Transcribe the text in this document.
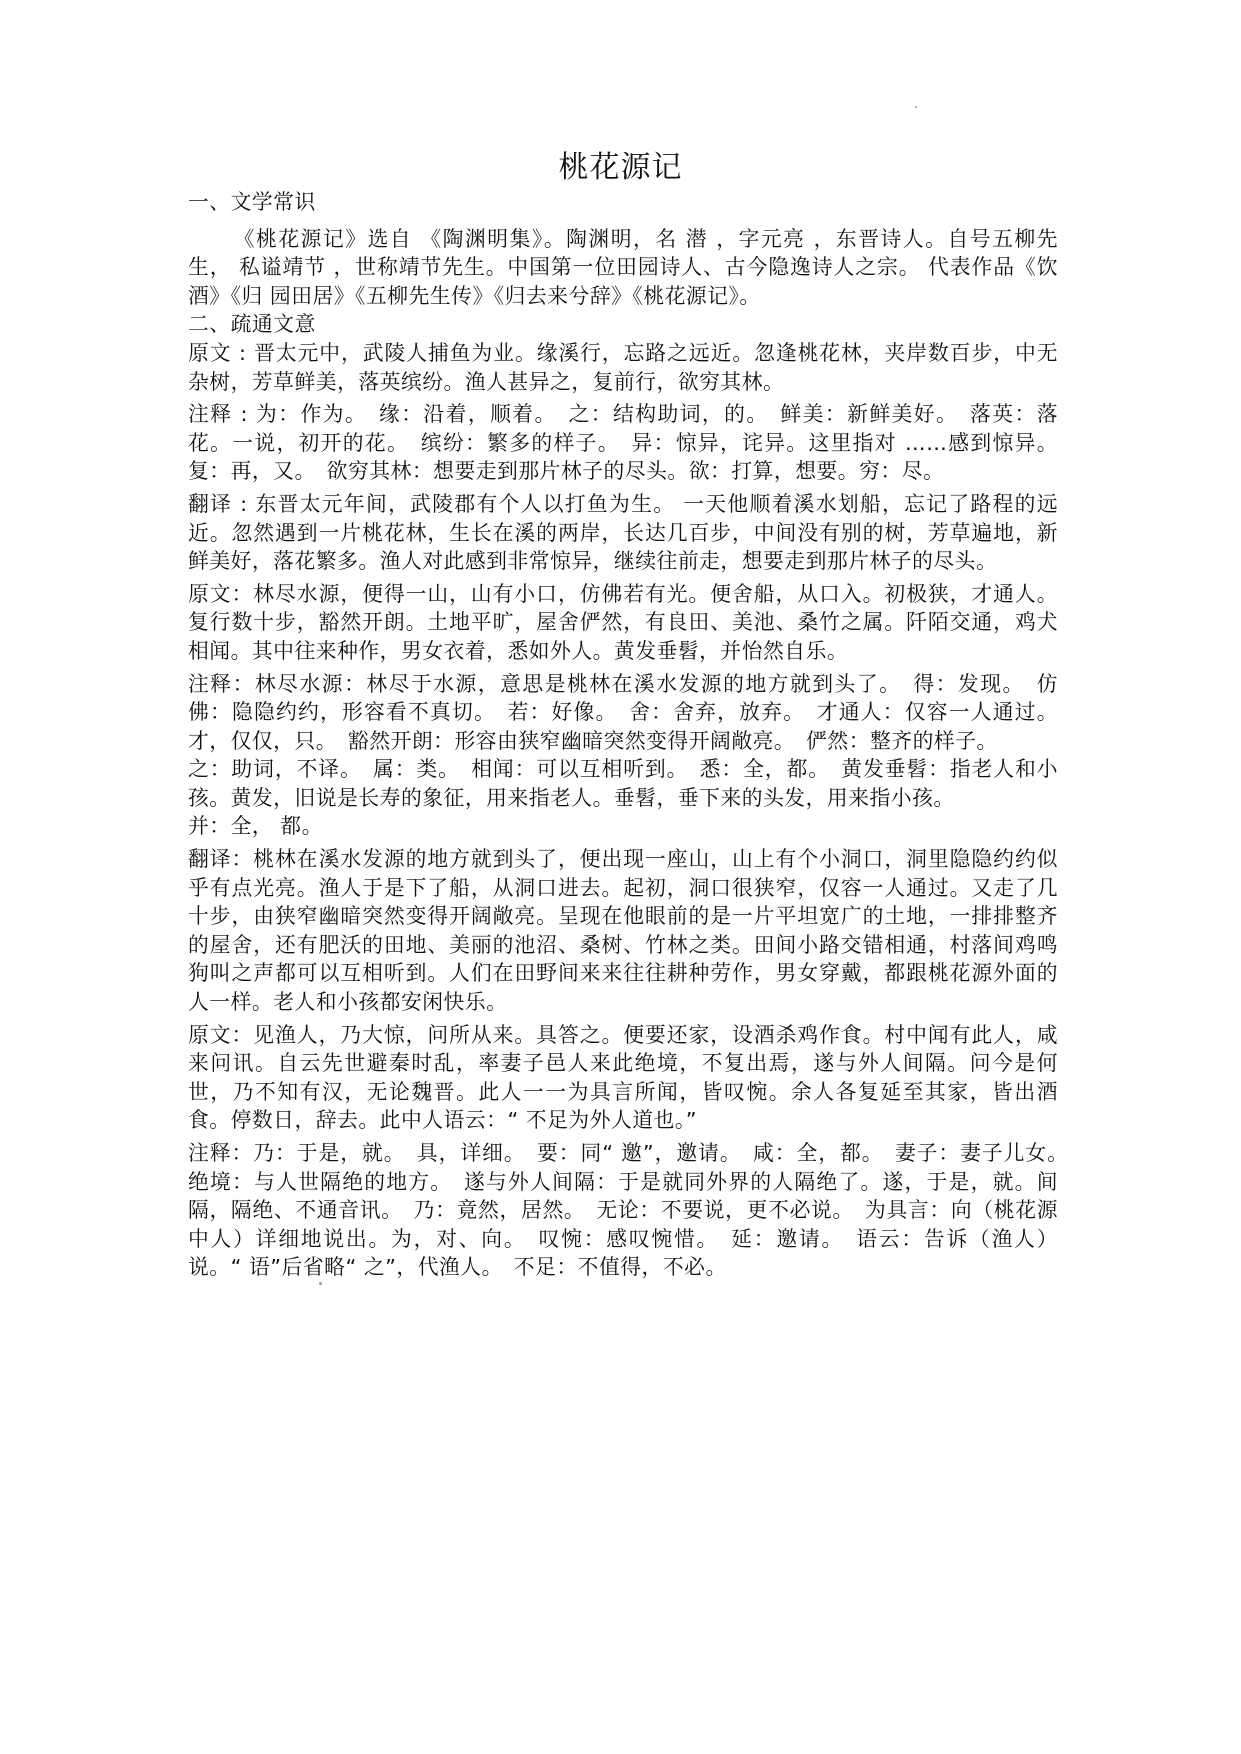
桃花源记

一、文学常识

《桃花源记》选自 《陶渊明集》。陶渊明，名 潜 ，字元亮 ，东晋诗人。自号五柳先生， 私谥靖节 ，世称靖节先生。中国第一位田园诗人、古今隐逸诗人之宗。 代表作品《饮酒》《归 园田居》《五柳先生传》《归去来兮辞》《桃花源记》。

二、疏通文意

原文 : 晋太元中，武陵人捕鱼为业。缘溪行，忘路之远近。忽逢桃花林，夹岸数百步，中无杂树，芳草鲜美，落英缤纷。渔人甚异之，复前行，欲穷其林。

注释 : 为：作为。　缘：沿着，顺着。　之：结构助词，的。　鲜美：新鲜美好。　落英：落花。一说，初开的花。　缤纷：繁多的样子。　异：惊异，诧异。这里指对 ……感到惊异。 复：再，又。　欲穷其林：想要走到那片林子的尽头。欲：打算，想要。穷：尽。

翻译 : 东晋太元年间，武陵郡有个人以打鱼为生。 一天他顺着溪水划船，忘记了路程的远近。忽然遇到一片桃花林，生长在溪的两岸，长达几百步，中间没有别的树，芳草遍地，新鲜美好，落花繁多。渔人对此感到非常惊异，继续往前走，想要走到那片林子的尽头。

原文：林尽水源，便得一山，山有小口，仿佛若有光。便舍船，从口入。初极狭，才通人。复行数十步，豁然开朗。土地平旷，屋舍俨然，有良田、美池、桑竹之属。阡陌交通，鸡犬相闻。其中往来种作，男女衣着，悉如外人。黄发垂髫，并怡然自乐。

注释：林尽水源：林尽于水源，意思是桃林在溪水发源的地方就到头了。　得：发现。　仿佛：隐隐约约，形容看不真切。　若：好像。　舍：舍弃，放弃。　才通人：仅容一人通过。才，仅仅，只。　豁然开朗：形容由狭窄幽暗突然变得开阔敞亮。　俨然：整齐的样子。

之：助词，不译。　属：类。　相闻：可以互相听到。　悉：全，都。　黄发垂髫：指老人和小　孩。黄发，旧说是长寿的象征，用来指老人。垂髫，垂下来的头发，用来指小孩。

并：全， 都。

翻译：桃林在溪水发源的地方就到头了，便出现一座山，山上有个小洞口，洞里隐隐约约似乎有点光亮。渔人于是下了船，从洞口进去。起初，洞口很狭窄，仅容一人通过。又走了几十步，由狭窄幽暗突然变得开阔敞亮。呈现在他眼前的是一片平坦宽广的土地，一排排整齐的屋舍，还有肥沃的田地、美丽的池沼、桑树、竹林之类。田间小路交错相通，村落间鸡鸣狗叫之声都可以互相听到。人们在田野间来来往往耕种劳作，男女穿戴，都跟桃花源外面的人一样。老人和小孩都安闲快乐。

原文：见渔人，乃大惊，问所从来。具答之。便要还家，设酒杀鸡作食。村中闻有此人，咸来问讯。自云先世避秦时乱，率妻子邑人来此绝境，不复出焉，遂与外人间隔。问今是何世，乃不知有汉，无论魏晋。此人一一为具言所闻，皆叹惋。余人各复延至其家，皆出酒食。停数日，辞去。此中人语云：“ 不足为外人道也。”

注释：乃：于是，就。　具，详细。　要：同“ 邀”，邀请。　咸：全，都。　妻子：妻子儿女。　绝境：与人世隔绝的地方。　遂与外人间隔：于是就同外界的人隔绝了。遂，于是，就。间隔，隔绝、不通音讯。　乃：竟然，居然。　无论：不要说，更不必说。　为具言：向（桃花源中人）详细地说出。为，对、向。　叹惋：感叹惋惜。　延：邀请。　语云：告诉（渔人）说。“ 语”后省略“ 之”，代渔人。　不足：不值得，不必。
